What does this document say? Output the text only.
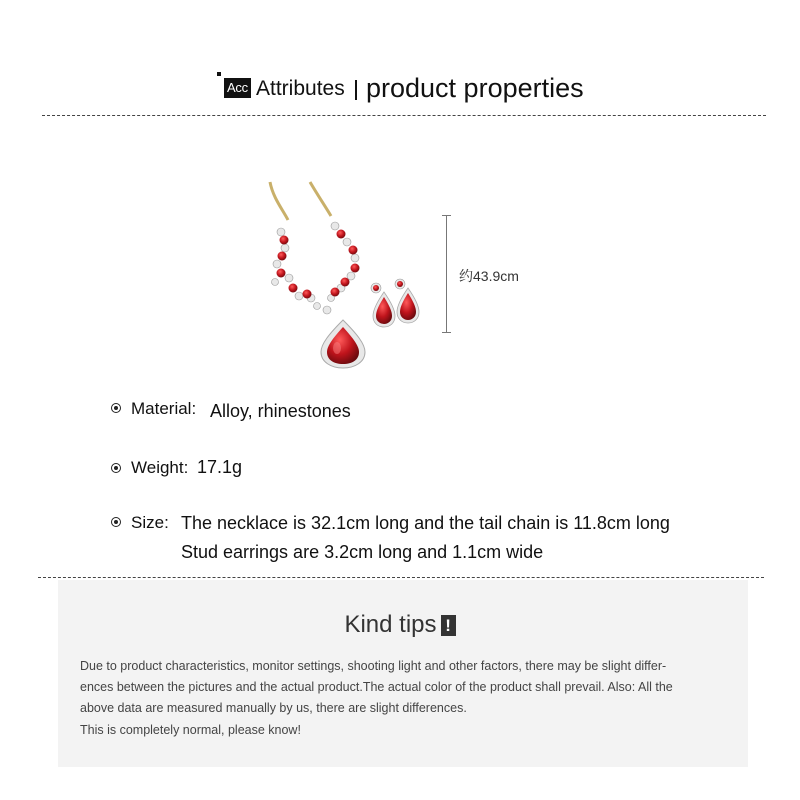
Acc Attributes product properties
约43.9cm
Material: Alloy, rhinestones
Weight: 17.1g
Size: The necklace is 32.1cm long and the tail chain is 11.8cm long
Stud earrings are 3.2cm long and 1.1cm wide
Kind tips !
Due to product characteristics, monitor settings, shooting light and other factors, there may be slight differ-
ences between the pictures and the actual product.The actual color of the product shall prevail. Also: All the
above data are measured manually by us, there are slight differences.
This is completely normal, please know!
